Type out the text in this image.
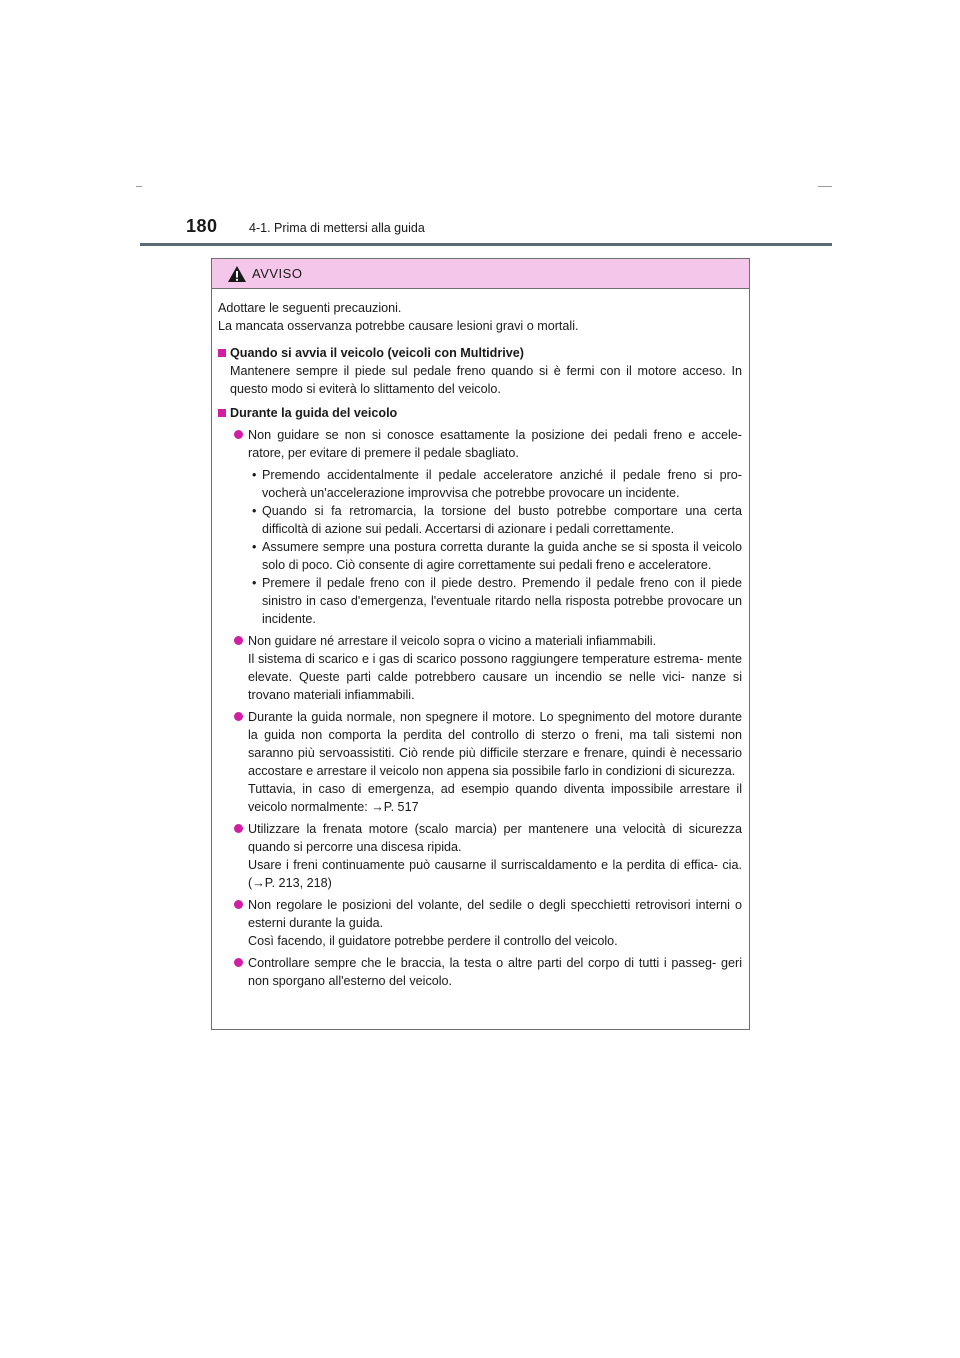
180	4-1. Prima di mettersi alla guida
AVVISO

Adottare le seguenti precauzioni.

La mancata osservanza potrebbe causare lesioni gravi o mortali.

Quando si avvia il veicolo (veicoli con Multidrive)

Mantenere sempre il piede sul pedale freno quando si è fermi con il motore acceso. In questo modo si eviterà lo slittamento del veicolo.

Durante la guida del veicolo

Non guidare se non si conosce esattamente la posizione dei pedali freno e accele- ratore, per evitare di premere il pedale sbagliato.

• Premendo accidentalmente il pedale acceleratore anziché il pedale freno si pro- vocherà un'accelerazione improvvisa che potrebbe provocare un incidente.
• Quando si fa retromarcia, la torsione del busto potrebbe comportare una certa difficoltà di azione sui pedali. Accertarsi di azionare i pedali correttamente.
• Assumere sempre una postura corretta durante la guida anche se si sposta il veicolo solo di poco. Ciò consente di agire correttamente sui pedali freno e acceleratore.
• Premere il pedale freno con il piede destro. Premendo il pedale freno con il piede sinistro in caso d'emergenza, l'eventuale ritardo nella risposta potrebbe provocare un incidente.

Non guidare né arrestare il veicolo sopra o vicino a materiali infiammabili.

Il sistema di scarico e i gas di scarico possono raggiungere temperature estrema- mente elevate. Queste parti calde potrebbero causare un incendio se nelle vici- nanze si trovano materiali infiammabili.

Durante la guida normale, non spegnere il motore. Lo spegnimento del motore durante la guida non comporta la perdita del controllo di sterzo o freni, ma tali sistemi non saranno più servoassistiti. Ciò rende più difficile sterzare e frenare, quindi è necessario accostare e arrestare il veicolo non appena sia possibile farlo in condizioni di sicurezza.

Tuttavia, in caso di emergenza, ad esempio quando diventa impossibile arrestare il veicolo normalmente: →P. 517

Utilizzare la frenata motore (scalo marcia) per mantenere una velocità di sicurezza quando si percorre una discesa ripida.

Usare i freni continuamente può causarne il surriscaldamento e la perdita di effica- cia. (→P. 213, 218)

Non regolare le posizioni del volante, del sedile o degli specchietti retrovisori interni o esterni durante la guida.

Così facendo, il guidatore potrebbe perdere il controllo del veicolo.

Controllare sempre che le braccia, la testa o altre parti del corpo di tutti i passeg- geri non sporgano all'esterno del veicolo.
